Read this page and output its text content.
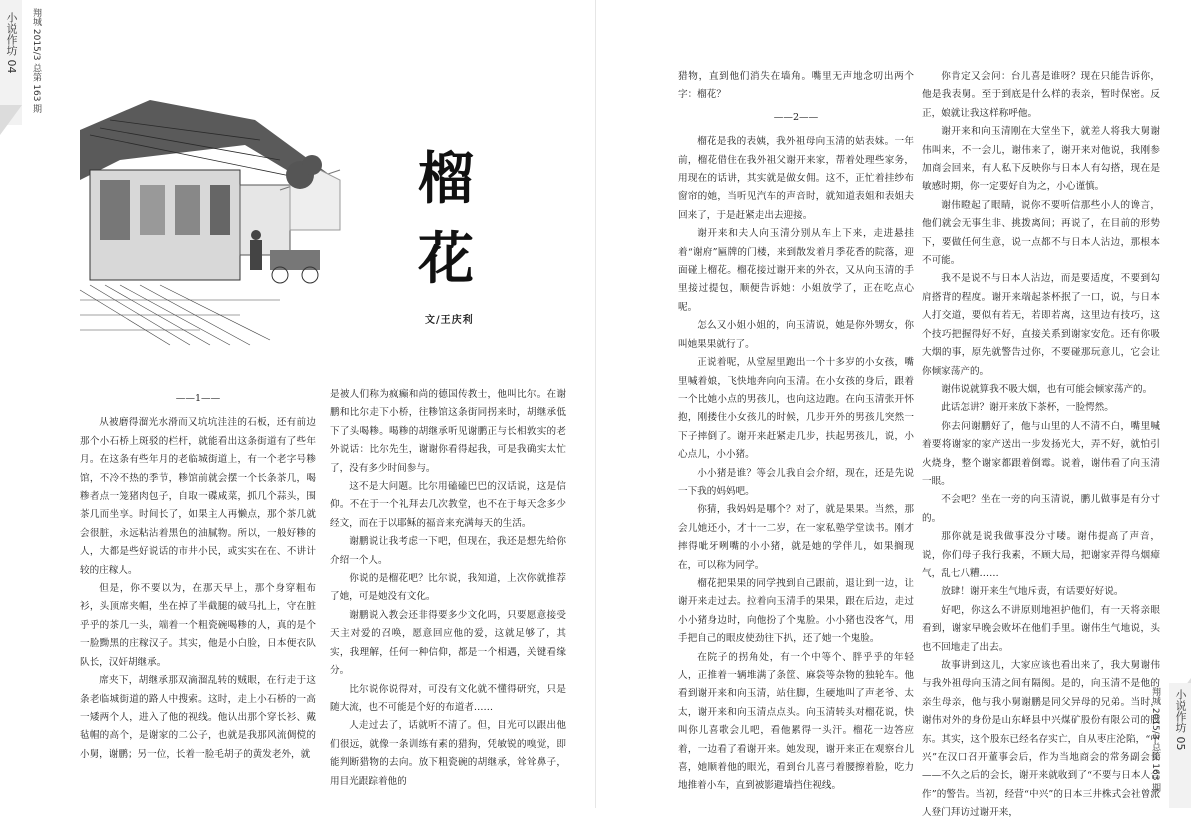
小说作坊 04	翔城 2015/3 总第 163 期
榴
花
文/王庆利

——1——

从被磨得溜光水滑而又坑坑洼洼的石板，还有前边那个小石桥上斑驳的栏杆，就能看出这条街道有了些年月。在这条有些年月的老临城街道上，有一个老字号糁馆，不冷不热的季节，糁馆前就会摆一个长条茶几，喝糁者点一笼猪肉包子，自取一碟咸菜，抓几个蒜头，围茶几而坐享。时间长了，如果主人再懒点，那个茶几就会很脏，永远粘沾着黑色的油腻物。所以，一般好糁的人，大都是些好说话的市井小民，或实实在在、不讲计较的庄稼人。

但是，你不要以为，在那天早上，那个身穿粗布衫，头顶席夹帽，坐在掉了半截腿的破马扎上，守在脏乎乎的茶几一头，端着一个粗瓷碗喝糁的人，真的是个一脸黝黑的庄稼汉子。其实，他是小白脸，日本便衣队队长，汉奸胡继承。

席夹下，胡继承那双滴溜乱转的贼眼，在行走于这条老临城街道的路人中搜索。这时，走上小石桥的一高一矮两个人，进入了他的视线。他认出那个穿长衫、戴毡帽的高个，是谢家的二公子，也就是我那风流倜傥的小舅，谢鹏；另一位，长着一脸毛胡子的黄发老外，就

是被人们称为疯癫和尚的德国传教士，他叫比尔。在谢鹏和比尔走下小桥，往糁馆这条街同拐来时，胡继承低下了头喝糁。喝糁的胡继承听见谢鹏正与长相敦实的老外说话：比尔先生，谢谢你看得起我，可是我确实太忙了，没有多少时间参与。

这不是大问题。比尔用磕磕巴巴的汉话说，这是信仰。不在于一个礼拜去几次教堂，也不在于每天念多少经文，而在于以耶稣的福音来充满每天的生活。

谢鹏说让我考虑一下吧，但现在，我还是想先给你介绍一个人。

你说的是榴花吧？比尔说，我知道，上次你就推荐了她，可是她没有文化。

谢鹏说入教会还非得要多少文化吗，只要愿意接受天主对爱的召唤，愿意回应他的爱，这就足够了，其实，我理解，任何一种信仰，都是一个相遇，关键看缘分。

比尔说你说得对，可没有文化就不懂得研究，只是随大流，也不可能是个好的布道者……

人走过去了，话就听不清了。但，目光可以跟出他们很远，就像一条训练有素的猎狗，凭敏锐的嗅觉，即能判断猎物的去向。放下粗瓷碗的胡继承，耸耸鼻子，用目光跟踪着他的

猎物，直到他们消失在墙角。嘴里无声地念叨出两个字：榴花？

——2——

榴花是我的表姨，我外祖母向玉清的姑表妹。一年前，榴花借住在我外祖父谢开来家，帮着处理些家务，用现在的话讲，其实就是做女佣。这不，正忙着挂纱布窗帘的她，当听见汽车的声音时，就知道表姐和表姐夫回来了，于是赶紧走出去迎接。

谢开来和夫人向玉清分别从车上下来，走进悬挂着“谢府”匾牌的门楼，来到散发着月季花香的院落，迎面碰上榴花。榴花接过谢开来的外衣，又从向玉清的手里接过提包，顺便告诉她：小姐放学了，正在吃点心呢。

怎么又小姐小姐的，向玉清说，她是你外甥女，你叫她果果就行了。

正说着呢，从堂屋里跑出一个十多岁的小女孩，嘴里喊着娘，飞快地奔向向玉清。在小女孩的身后，跟着一个比她小点的男孩儿，也向这边跑。在向玉清张开怀抱，刚搂住小女孩儿的时候，几步开外的男孩儿突然一下子摔倒了。谢开来赶紧走几步，扶起男孩儿，说，小心点儿，小小猪。

小小猪是谁？等会儿我自会介绍，现在，还是先说一下我的妈妈吧。

你猜，我妈妈是哪个？对了，就是果果。当然，那会儿她还小，才十一二岁，在一家私塾学堂读书。刚才摔得呲牙咧嘴的小小猪，就是她的学伴儿，如果搁现在，可以称为同学。

榴花把果果的同学拽到自己跟前，退让到一边，让谢开来走过去。拉着向玉清手的果果，跟在后边，走过小小猪身边时，向他扮了个鬼脸。小小猪也没客气，用手把自己的眼皮使劲往下扒，还了她一个鬼脸。

在院子的拐角处，有一个中等个、胖乎乎的年轻人，正推着一辆堆满了条筐、麻袋等杂物的独轮车。他看到谢开来和向玉清，站住脚，生硬地叫了声老爷、太太，谢开来和向玉清点点头。向玉清转头对榴花说，快叫你儿喜歌会儿吧，看他累得一头汗。榴花一边答应着，一边看了看谢开来。她发现，谢开来正在观察台儿喜，她顺着他的眼光，看到台儿喜弓着腰擦着脸，吃力地推着小车，直到被影避墙挡住视线。

你肯定又会问：台儿喜是谁呀？现在只能告诉你，他是我表舅。至于到底是什么样的表亲，暂时保密。反正，娘就让我这样称呼他。

谢开来和向玉清刚在大堂坐下，就差人将我大舅谢伟叫来，不一会儿，谢伟来了，谢开来对他说，我刚参加商会回来，有人私下反映你与日本人有勾搭，现在是敏感时期，你一定要好自为之，小心谨慎。

谢伟瞪起了眼睛，说你不要听信那些小人的谗言，他们就会无事生非、挑拨离间；再说了，在目前的形势下，要做任何生意，说一点都不与日本人沾边，那根本不可能。

我不是说不与日本人沾边，而是要适度，不要到勾肩搭背的程度。谢开来端起茶杯抿了一口，说，与日本人打交道，要似有若无，若即若离，这里边有技巧，这个技巧把握得好不好，直接关系到谢家安危。还有你吸大烟的事，原先就警告过你，不要碰那玩意儿，它会让你倾家荡产的。

谢伟说就算我不吸大烟，也有可能会倾家荡产的。

此话怎讲？谢开来放下茶杯，一脸愕然。

你去问谢鹏好了，他与山里的人不清不白，嘴里喊着要将谢家的家产送出一步发扬光大，弄不好，就怕引火烧身，整个谢家都跟着倒霉。说着，谢伟看了向玉清一眼。

不会吧？坐在一旁的向玉清说，鹏儿做事是有分寸的。

那你就是说我做事没分寸喽。谢伟提高了声音，说，你们母子我行我素，不顾大局，把谢家弄得乌烟瘴气，乱七八糟……

放肆！谢开来生气地斥责，有话要好好说。

好吧，你这么不讲原则地袒护他们，有一天将亲眼看到，谢家早晚会败坏在他们手里。谢伟生气地说，头也不回地走了出去。

故事讲到这儿，大家应该也看出来了，我大舅谢伟与我外祖母向玉清之间有隔阂。是的，向玉清不是他的亲生母亲，他与我小舅谢鹏是同父异母的兄弟。当时，谢伟对外的身份是山东峄县中兴煤矿股份有限公司的股东。其实，这个股东已经名存实亡，自从枣庄沦陷，“中兴”在汉口召开董事会后，作为当地商会的常务副会长——不久之后的会长，谢开来就收到了“不要与日本人合作”的警告。当初，经营“中兴”的日本三井株式会社曾派人登门拜访过谢开来，

翔城 2015/3 总第 163 期	小说作坊 05
